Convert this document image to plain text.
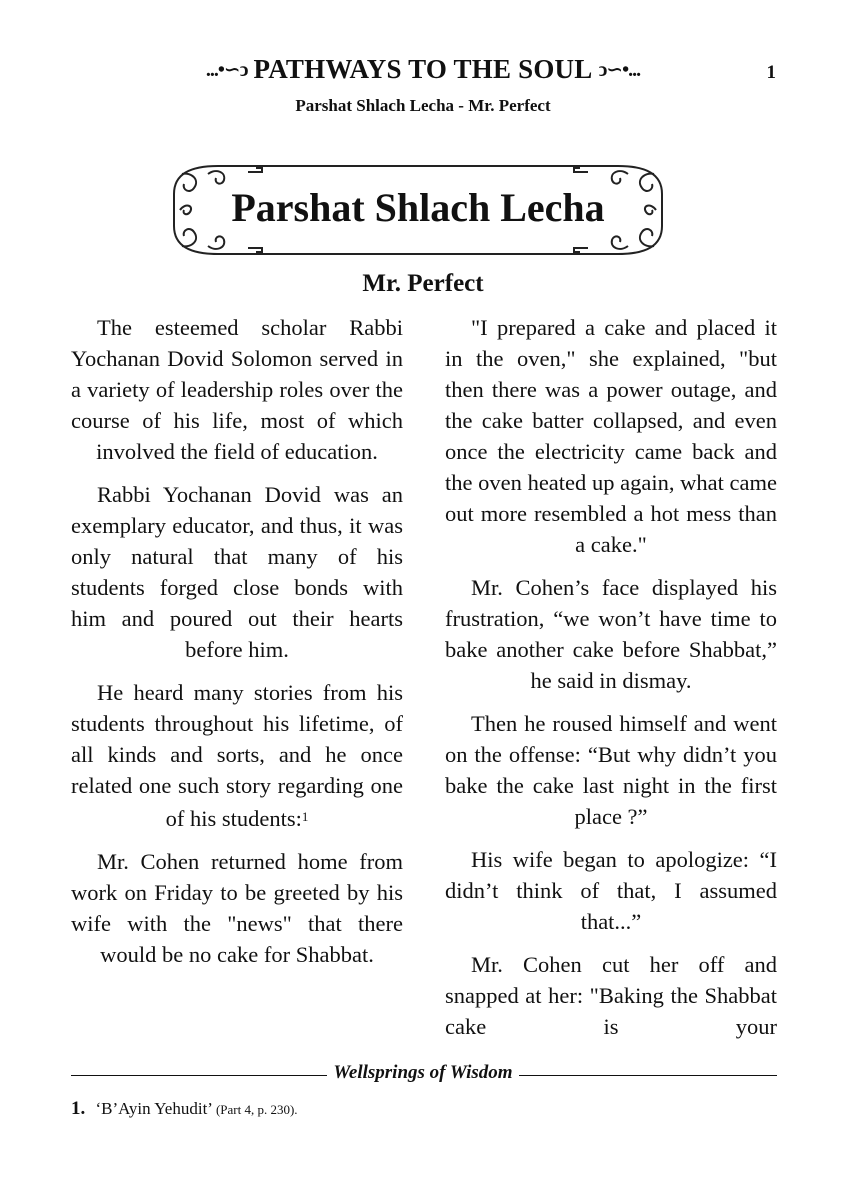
...•∽ↄ PATHWAYS TO THE SOUL ↄ∽•...	1
Parshat Shlach Lecha - Mr. Perfect
Parshat Shlach Lecha
Mr. Perfect

The esteemed scholar Rabbi Yochanan Dovid Solomon served in a variety of leadership roles over the course of his life, most of which involved the field of education.

Rabbi Yochanan Dovid was an exemplary educator, and thus, it was only natural that many of his students forged close bonds with him and poured out their hearts before him.

He heard many stories from his students throughout his lifetime, of all kinds and sorts, and he once related one such story regarding one of his students:$^1$

Mr. Cohen returned home from work on Friday to be greeted by his wife with the "news" that there would be no cake for Shabbat.

"I prepared a cake and placed it in the oven," she explained, "but then there was a power outage, and the cake batter collapsed, and even once the electricity came back and the oven heated up again, what came out more resembled a hot mess than a cake."

Mr. Cohen’s face displayed his frustration, “we won’t have time to bake another cake before Shabbat,” he said in dismay.

Then he roused himself and went on the offense: “But why didn’t you bake the cake last night in the first place ?”

His wife began to apologize: “I didn’t think of that, I assumed that...”

Mr. Cohen cut her off and snapped at her: "Baking the Shabbat cake is your

Wellsprings of Wisdom
1. ‘B’Ayin Yehudit’ (Part 4, p. 230).
